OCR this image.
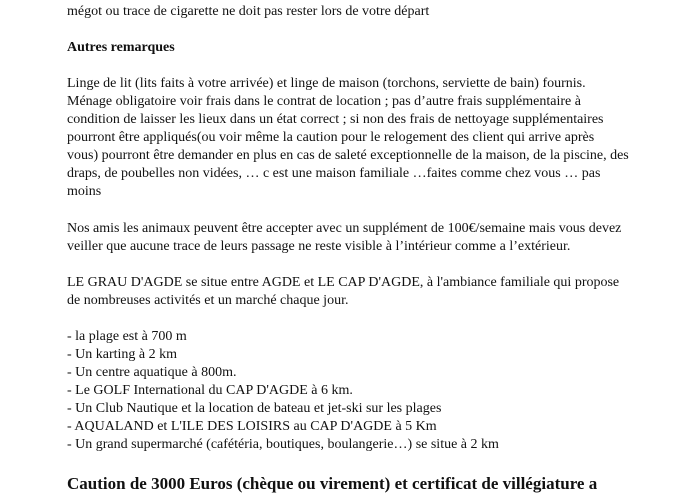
mégot ou trace de cigarette ne doit pas rester lors de votre départ

Autres remarques

Linge de lit (lits faits à votre arrivée) et linge de maison (torchons, serviette de bain) fournis.

Ménage obligatoire voir frais dans le contrat de location ; pas d’autre frais supplémentaire à

condition de laisser les lieux dans un état correct ; si non des frais de nettoyage supplémentaires

pourront être appliqués(ou voir même la caution pour le relogement des client qui arrive après

vous) pourront être demander en plus en cas de saleté exceptionnelle de la maison, de la piscine, des

draps, de poubelles non vidées, … c est une maison familiale …faites comme chez vous … pas

moins

Nos amis les animaux peuvent être accepter avec un supplément de 100€/semaine mais vous devez

veiller que aucune trace de leurs passage ne reste visible à l’intérieur comme a l’extérieur.

LE GRAU D'AGDE se situe entre AGDE et LE CAP D'AGDE, à l'ambiance familiale qui propose

de nombreuses activités et un marché chaque jour.

- la plage est à 700 m

- Un karting à 2 km

- Un centre aquatique à 800m.

- Le GOLF International du CAP D'AGDE à 6 km.

- Un Club Nautique et la location de bateau et jet-ski sur les plages

- AQUALAND et L'ILE DES LOISIRS au CAP D'AGDE à 5 Km

- Un grand supermarché (cafétéria, boutiques, boulangerie…) se situe à 2 km

Caution de 3000 Euros (chèque ou virement) et certificat de villégiature a
